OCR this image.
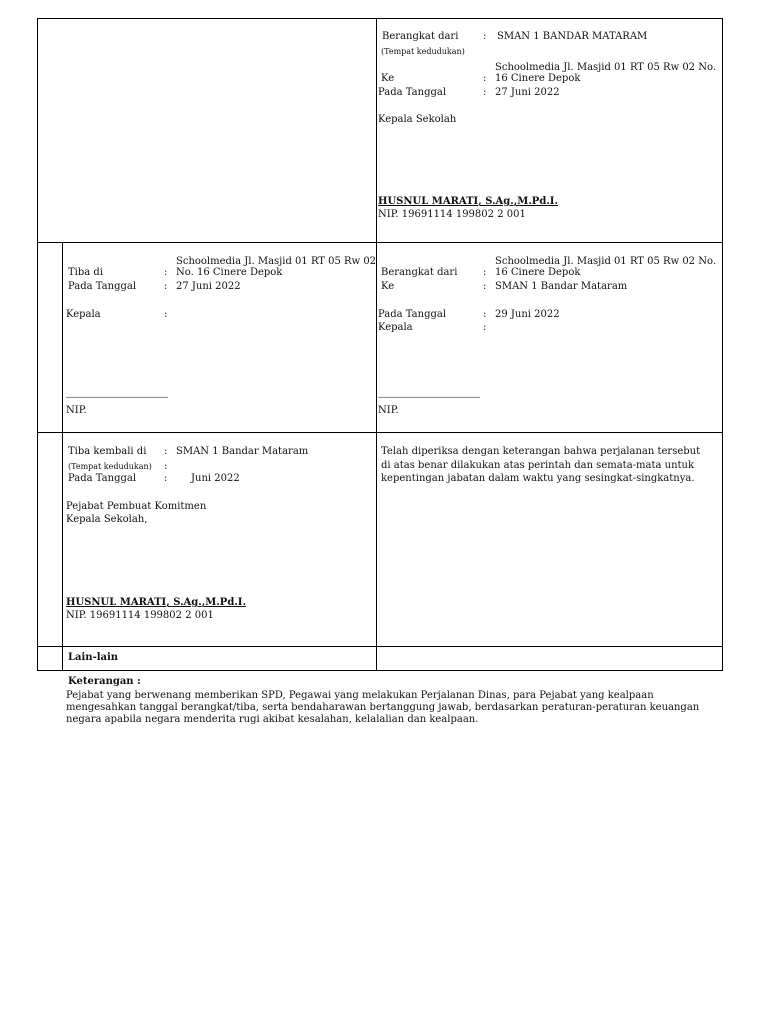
Berangkat dari : SMAN 1 BANDAR MATARAM
(Tempat kedudukan)
Schoolmedia Jl. Masjid 01 RT 05 Rw 02 No.
Ke	: 16 Cinere Depok
Pada Tanggal	: 27 Juni 2022
Kepala Sekolah
HUSNUL MARATI, S.Ag.,M.Pd.I.
NIP. 19691114 199802 2 001
Schoolmedia Jl. Masjid 01 RT 05 Rw 02
Tiba di	: No. 16 Cinere Depok
Pada Tanggal	: 27 Juni 2022
Kepala	:
……………………………………………
NIP.
Schoolmedia Jl. Masjid 01 RT 05 Rw 02 No.
Berangkat dari	: 16 Cinere Depok
Ke	: SMAN 1 Bandar Mataram
Pada Tanggal	: 29 Juni 2022
Kepala	:
……………………………………………
NIP.
Tiba kembali di : SMAN 1 Bandar Mataram
(Tempat kedudukan) :
Pada Tanggal	: Juni 2022
Pejabat Pembuat Komitmen
Kepala Sekolah,
HUSNUL MARATI, S.Ag.,M.Pd.I.
NIP. 19691114 199802 2 001
Telah diperiksa dengan keterangan bahwa perjalanan tersebut
di atas benar dilakukan atas perintah dan semata-mata untuk
kepentingan jabatan dalam waktu yang sesingkat-singkatnya.
Lain-lain
Keterangan :
Pejabat yang berwenang memberikan SPD, Pegawai yang melakukan Perjalanan Dinas, para Pejabat yang kealpaan mengesahkan tanggal berangkat/tiba, serta bendaharawan bertanggung jawab, berdasarkan peraturan-peraturan keuangan negara apabila negara menderita rugi akibat kesalahan, kelalalian dan kealpaan.
